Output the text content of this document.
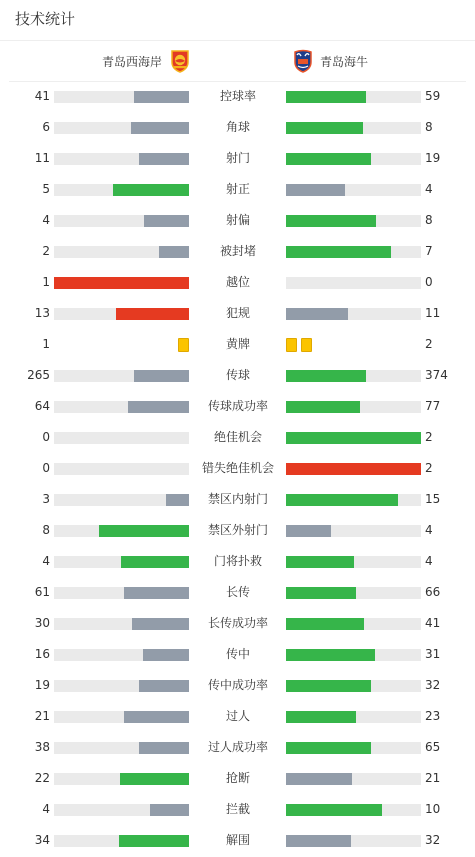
技术统计
青岛西海岸	青岛海牛
41	控球率	59
6	角球	8
11	射门	19
5	射正	4
4	射偏	8
2	被封堵	7
1	越位	0
13	犯规	11
1	黄牌	2
265	传球	374
64	传球成功率	77
0	绝佳机会	2
0	错失绝佳机会	2
3	禁区内射门	15
8	禁区外射门	4
4	门将扑救	4
61	长传	66
30	长传成功率	41
16	传中	31
19	传中成功率	32
21	过人	23
38	过人成功率	65
22	抢断	21
4	拦截	10
34	解围	32
